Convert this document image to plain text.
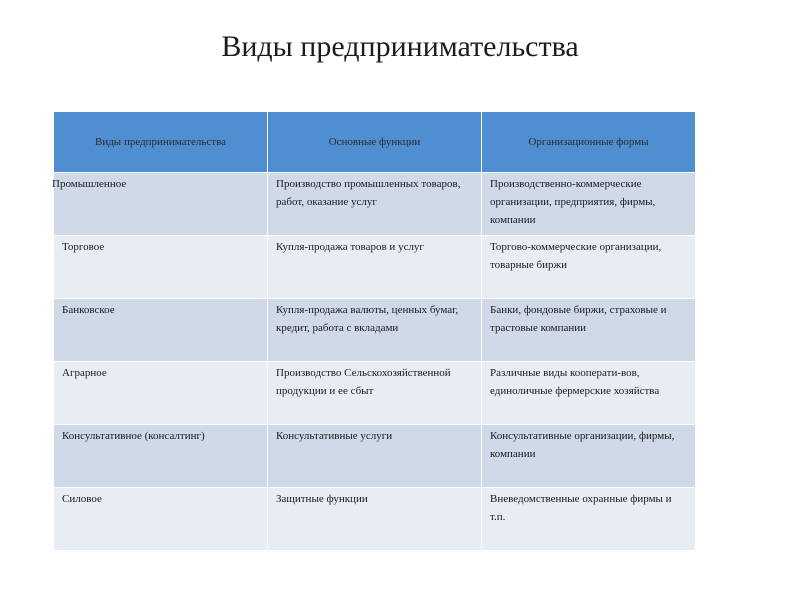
Виды предпринимательства
Виды предпринимательства	Основные функции	Организационные формы

Промышленное	Производство промышленных товаров, работ, оказание услуг	Производственно-коммерческие организации, предприятия, фирмы, компании

Торговое	Купля-продажа товаров и услуг	Торгово-коммерческие организации, товарные биржи

Банковское	Купля-продажа валюты, ценных бумаг, кредит, работа с вкладами	Банки, фондовые биржи, страховые и трастовые компании

Аграрное	Производство Сельскохозяйственной продукции и ее сбыт	Различные виды кооперати-вов, единоличные фермерские хозяйства

Консультативное (консалтинг)	Консультативные услуги	Консультативные организации, фирмы, компании

Силовое	Защитные функции	Вневедомственные охранные фирмы и т.п.
